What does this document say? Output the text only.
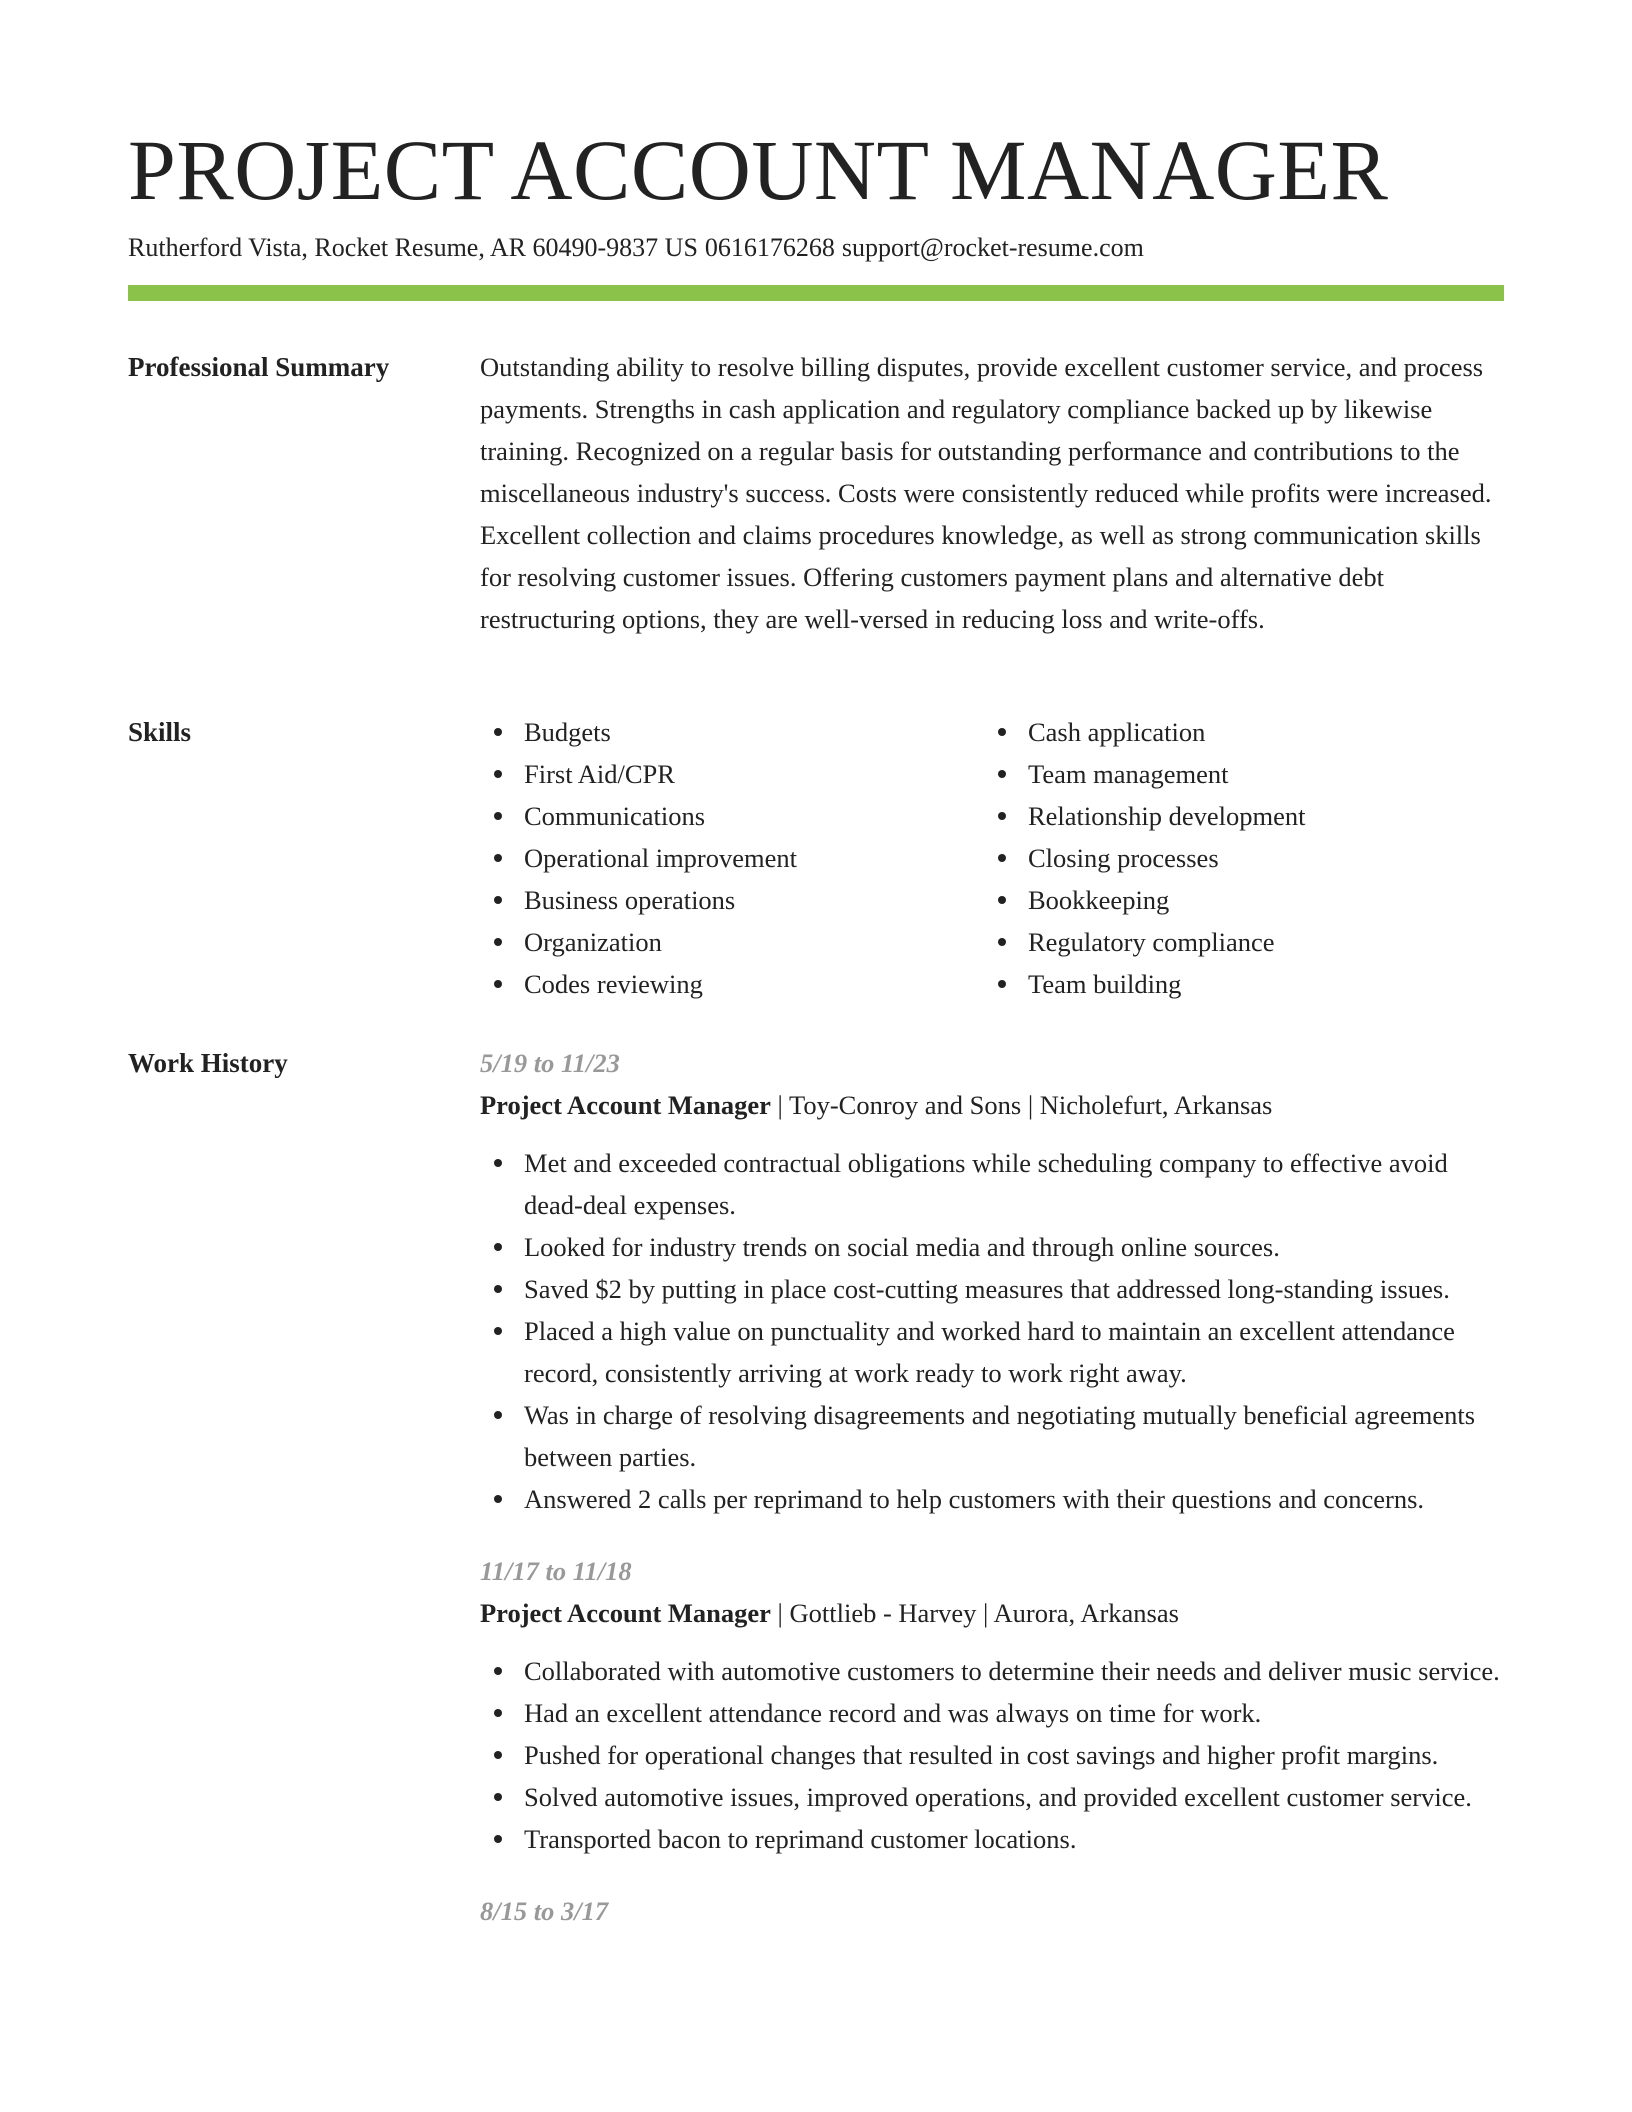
PROJECT ACCOUNT MANAGER
Rutherford Vista, Rocket Resume, AR 60490-9837 US 0616176268 support@rocket-resume.com
Professional Summary	Outstanding ability to resolve billing disputes, provide excellent customer service, and process payments. Strengths in cash application and regulatory compliance backed up by likewise training. Recognized on a regular basis for outstanding performance and contributions to the miscellaneous industry's success. Costs were consistently reduced while profits were increased. Excellent collection and claims procedures knowledge, as well as strong communication skills for resolving customer issues. Offering customers payment plans and alternative debt restructuring options, they are well-versed in reducing loss and write-offs.

Skills	Budgets
First Aid/CPR
Communications
Operational improvement
Business operations
Organization
Codes reviewing
Cash application
Team management
Relationship development
Closing processes
Bookkeeping
Regulatory compliance
Team building
Work History	5/19 to 11/23
Project Account Manager | Toy-Conroy and Sons | Nicholefurt, Arkansas
Met and exceeded contractual obligations while scheduling company to effective avoid dead-deal expenses.
Looked for industry trends on social media and through online sources.
Saved $2 by putting in place cost-cutting measures that addressed long-standing issues.
Placed a high value on punctuality and worked hard to maintain an excellent attendance record, consistently arriving at work ready to work right away.
Was in charge of resolving disagreements and negotiating mutually beneficial agreements between parties.
Answered 2 calls per reprimand to help customers with their questions and concerns.
11/17 to 11/18
Project Account Manager | Gottlieb - Harvey | Aurora, Arkansas
Collaborated with automotive customers to determine their needs and deliver music service.
Had an excellent attendance record and was always on time for work.
Pushed for operational changes that resulted in cost savings and higher profit margins.
Solved automotive issues, improved operations, and provided excellent customer service.
Transported bacon to reprimand customer locations.
8/15 to 3/17
